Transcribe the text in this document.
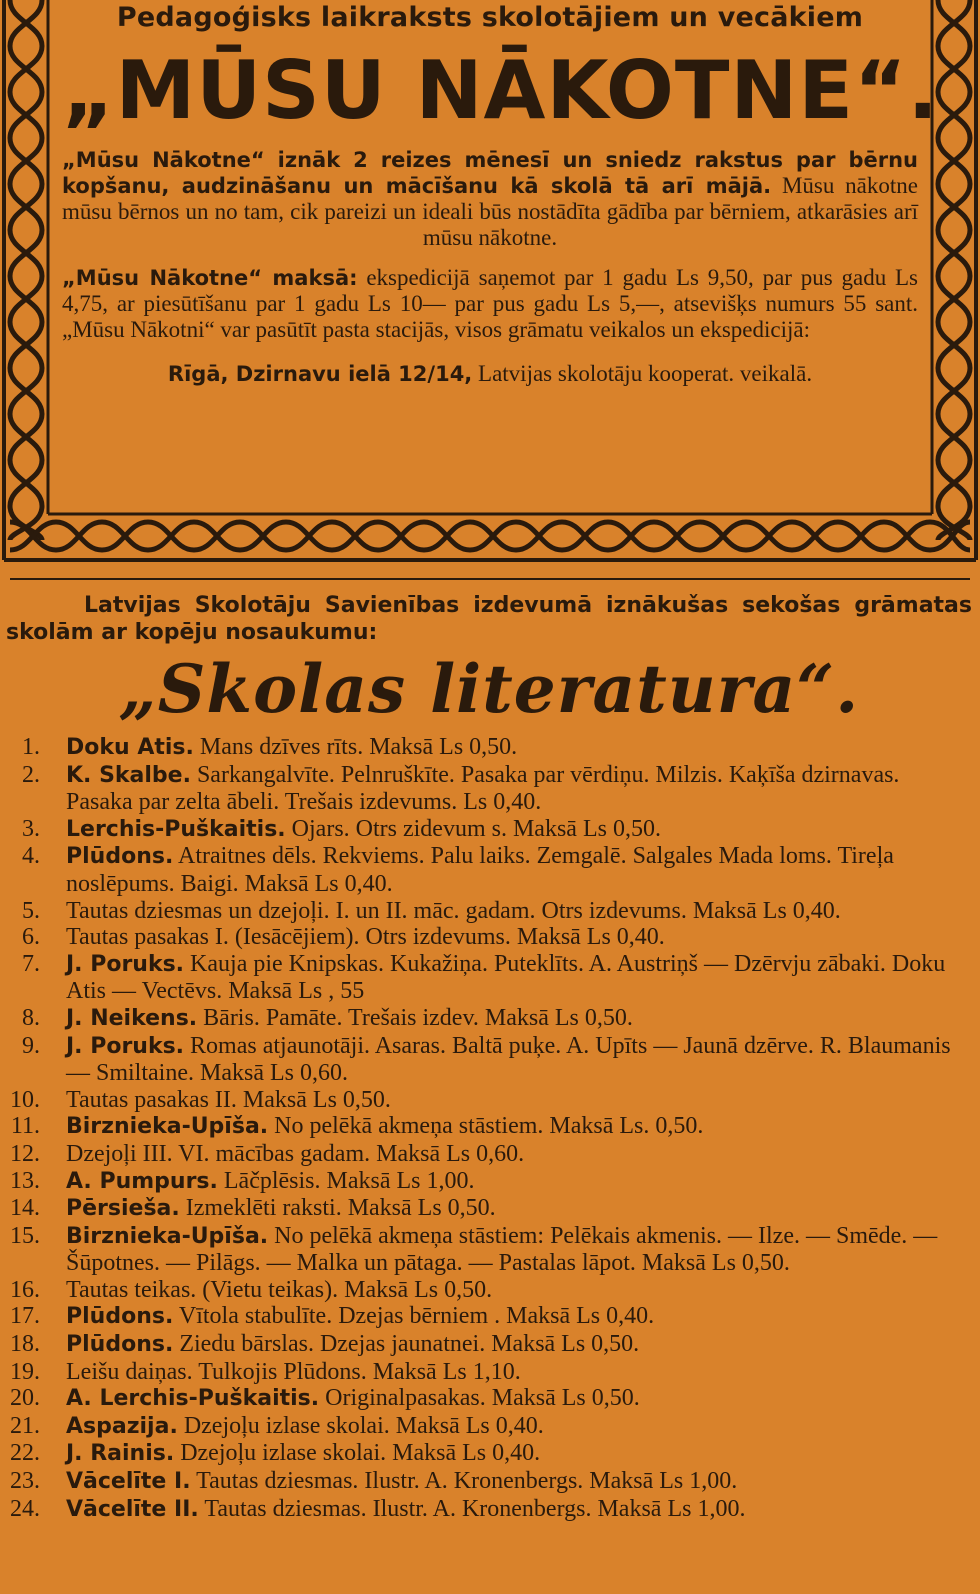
Pedagoģisks laikraksts skolotājiem un vecākiem
„MŪSU NĀKOTNE“.

„Mūsu Nākotne“ iznāk 2 reizes mēnesī un sniedz rakstus par bērnu kopšanu, audzināšanu un mācīšanu kā skolā tā arī mājā. Mūsu nākotne mūsu bērnos un no tam, cik pareizi un ideali būs nostādīta gādība par bērniem, atkarāsies arī mūsu nākotne.

„Mūsu Nākotne“ maksā: ekspedicijā saņemot par 1 gadu Ls 9,50, par pus gadu Ls 4,75, ar piesūtīšanu par 1 gadu Ls 10— par pus gadu Ls 5,—, atsevišķs numurs 55 sant. „Mūsu Nākotni“ var pasūtīt pasta stacijās, visos grāmatu veikalos un ekspedicijā:

Rīgā, Dzirnavu ielā 12/14, Latvijas skolotāju kooperat. veikalā.

Latvijas Skolotāju Savienības izdevumā iznākušas sekošas grāmatas skolām ar kopēju nosaukumu:

„Skolas literatura“.
1. Doku Atis. Mans dzīves rīts. Maksā Ls 0,50.
2. K. Skalbe. Sarkangalvīte. Pelnruškīte. Pasaka par vērdiņu. Milzis. Kaķīša dzirnavas. Pasaka par zelta ābeli. Trešais izdevums. Ls 0,40.
3. Lerchis-Puškaitis. Ojars. Otrs zidevum s. Maksā Ls 0,50.
4. Plūdons. Atraitnes dēls. Rekviems. Palu laiks. Zemgalē. Salgales Mada loms. Tireļa noslēpums. Baigi. Maksā Ls 0,40.
5. Tautas dziesmas un dzejoļi. I. un II. māc. gadam. Otrs izdevums. Maksā Ls 0,40.
6. Tautas pasakas I. (Iesācējiem). Otrs izdevums. Maksā Ls 0,40.
7. J. Poruks. Kauja pie Knipskas. Kukažiņa. Puteklīts. A. Austriņš — Dzērvju zābaki. Doku Atis — Vectēvs. Maksā Ls , 55
8. J. Neikens. Bāris. Pamāte. Trešais izdev. Maksā Ls 0,50.
9. J. Poruks. Romas atjaunotāji. Asaras. Baltā puķe. A. Upīts — Jaunā dzērve. R. Blaumanis — Smiltaine. Maksā Ls 0,60.
10. Tautas pasakas II. Maksā Ls 0,50.
11. Birznieka-Upīša. No pelēkā akmeņa stāstiem. Maksā Ls. 0,50.
12. Dzejoļi III. VI. mācības gadam. Maksā Ls 0,60.
13. A. Pumpurs. Lāčplēsis. Maksā Ls 1,00.
14. Pērsieša. Izmeklēti raksti. Maksā Ls 0,50.
15. Birznieka-Upīša. No pelēkā akmeņa stāstiem: Pelēkais akmenis. — Ilze. — Smēde. — Šūpotnes. — Pilāgs. — Malka un pātaga. — Pastalas lāpot. Maksā Ls 0,50.
16. Tautas teikas. (Vietu teikas). Maksā Ls 0,50.
17. Plūdons. Vītola stabulīte. Dzejas bērniem . Maksā Ls 0,40.
18. Plūdons. Ziedu bārslas. Dzejas jaunatnei. Maksā Ls 0,50.
19. Leišu daiņas. Tulkojis Plūdons. Maksā Ls 1,10.
20. A. Lerchis-Puškaitis. Originalpasakas. Maksā Ls 0,50.
21. Aspazija. Dzejoļu izlase skolai. Maksā Ls 0,40.
22. J. Rainis. Dzejoļu izlase skolai. Maksā Ls 0,40.
23. Vācelīte I. Tautas dziesmas. Ilustr. A. Kronenbergs. Maksā Ls 1,00.
24. Vācelīte II. Tautas dziesmas. Ilustr. A. Kronenbergs. Maksā Ls 1,00.
